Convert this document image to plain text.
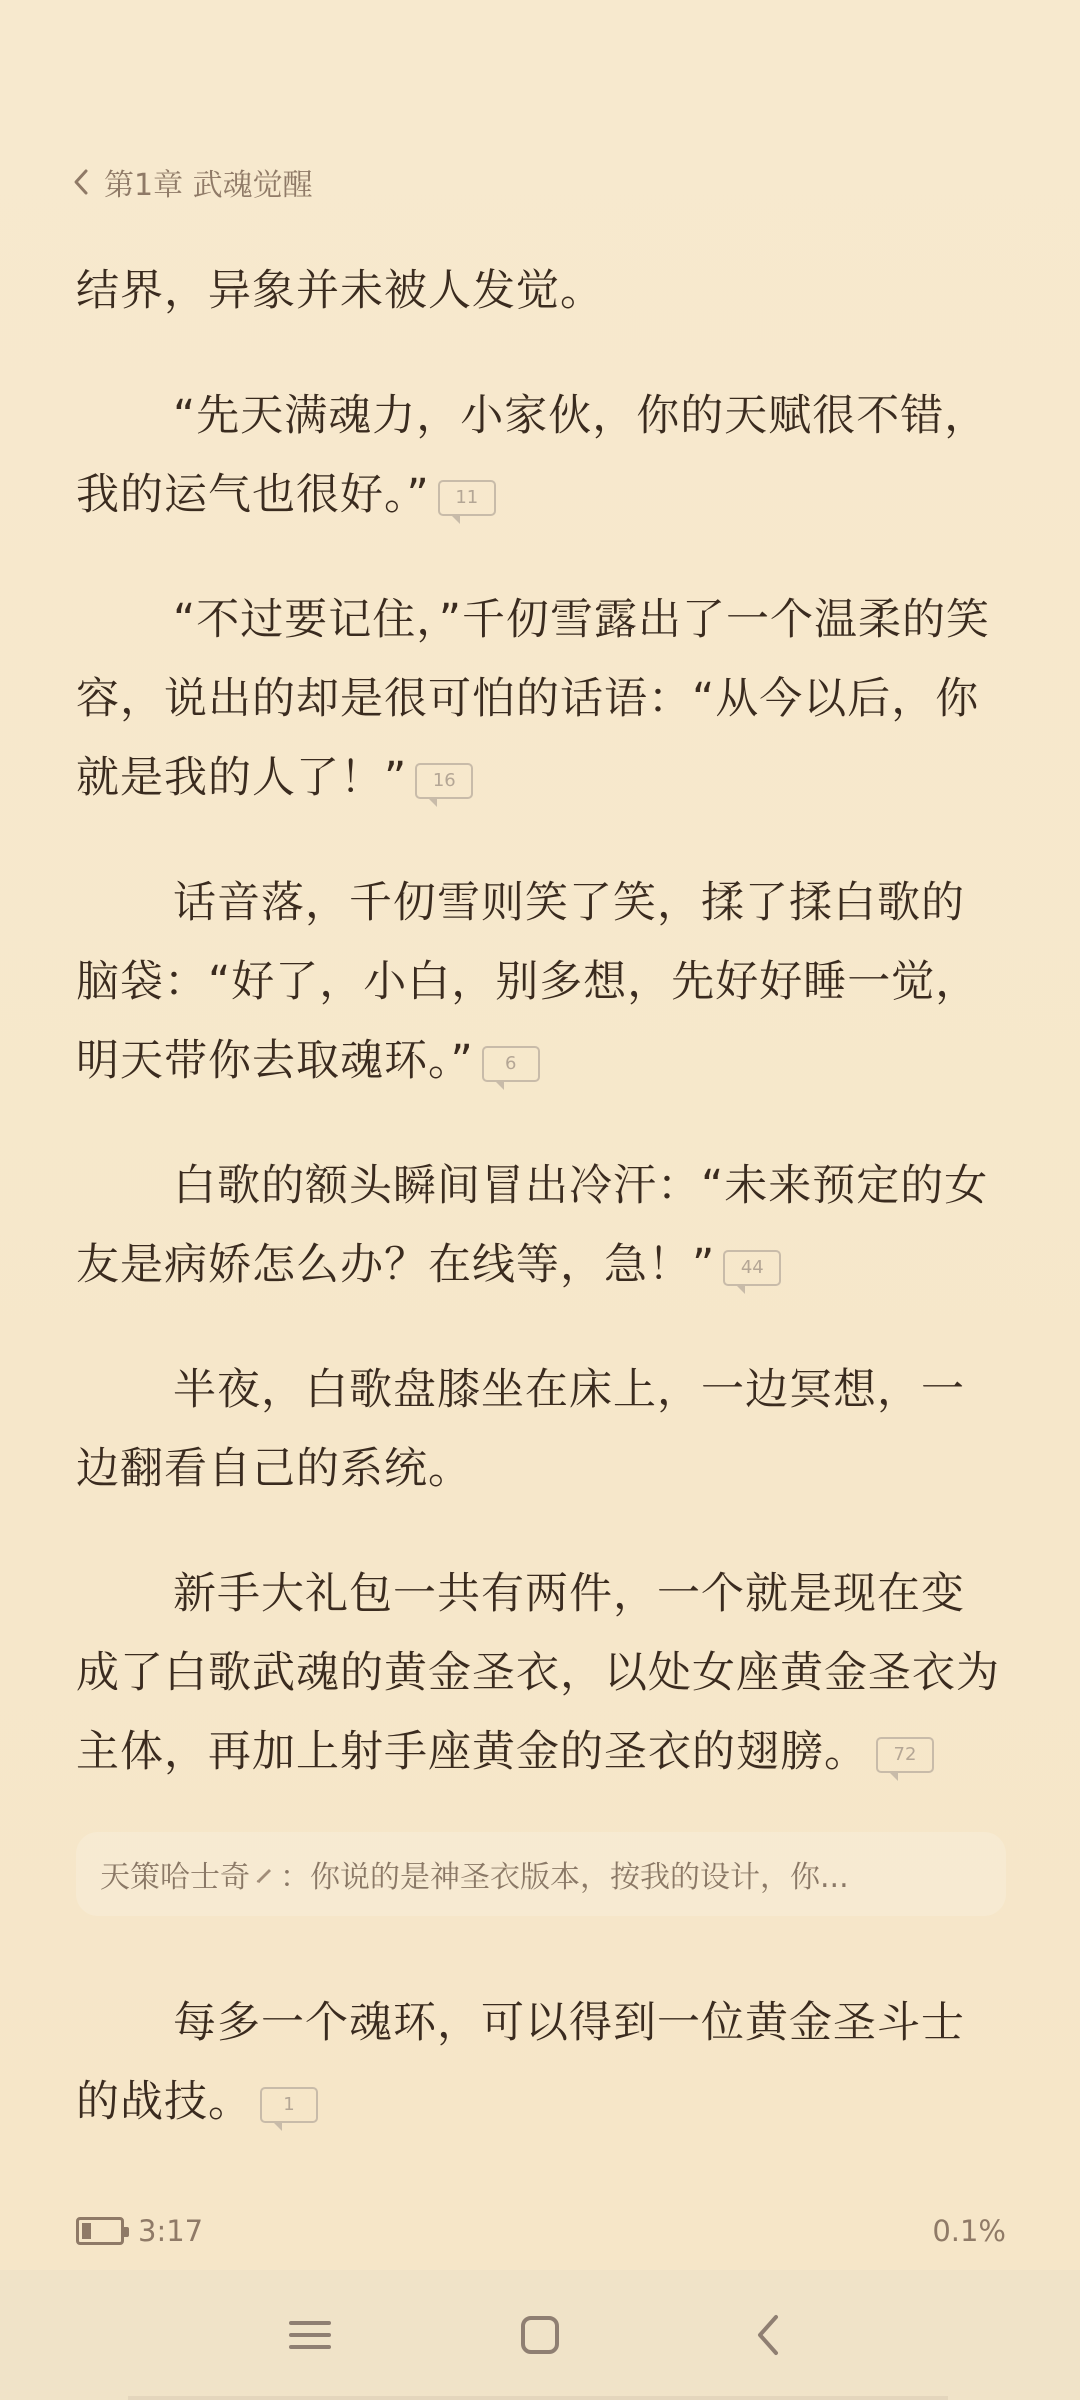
第1章 武魂觉醒
结界，异象并未被人发觉。
“先天满魂力，小家伙，你的天赋很不错，我的运气也很好。” 11
“不过要记住，”千仞雪露出了一个温柔的笑容，说出的却是很可怕的话语：“从今以后，你就是我的人了！” 16
话音落，千仞雪则笑了笑，揉了揉白歌的脑袋：“好了，小白，别多想，先好好睡一觉，明天带你去取魂环。” 6
白歌的额头瞬间冒出冷汗：“未来预定的女友是病娇怎么办？在线等，急！” 44
半夜，白歌盘膝坐在床上，一边冥想，一边翻看自己的系统。
新手大礼包一共有两件，一个就是现在变成了白歌武魂的黄金圣衣，以处女座黄金圣衣为主体，再加上射手座黄金的圣衣的翅膀。 72
天策哈士奇 ：你说的是神圣衣版本，按我的设计，你...
每多一个魂环，可以得到一位黄金圣斗士的战技。 1
3:17	0.1%
